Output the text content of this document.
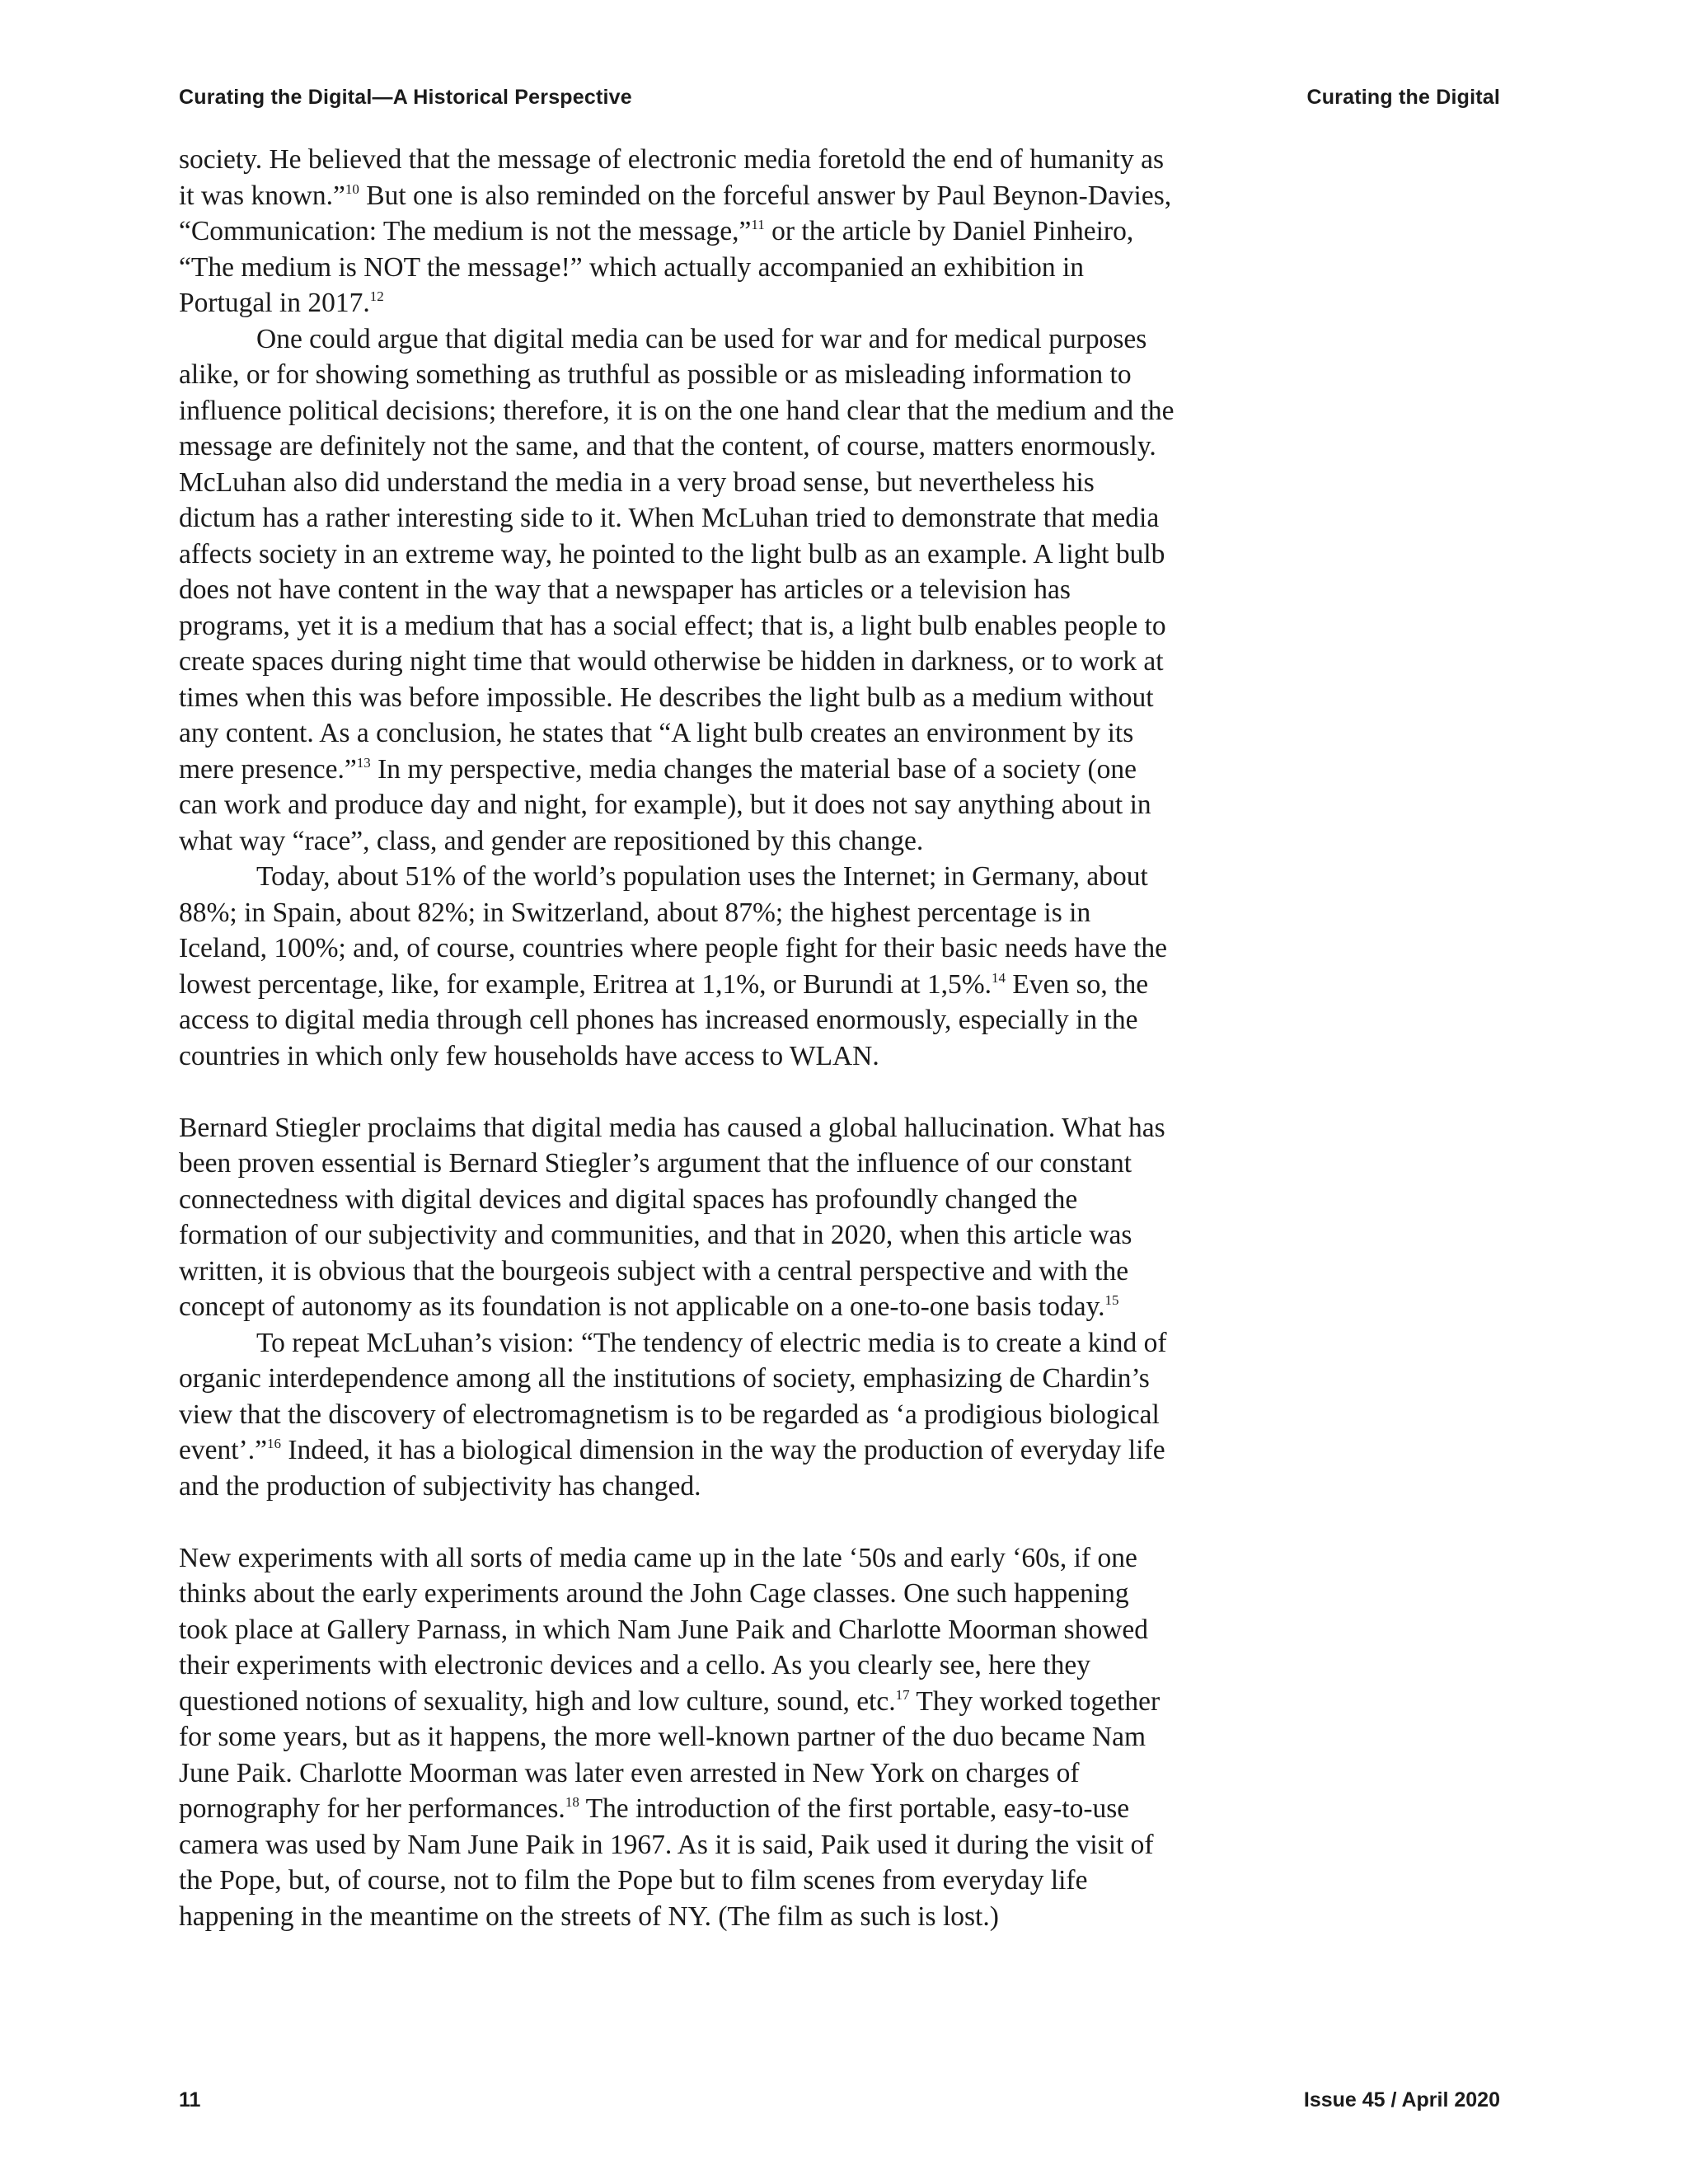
Curating the Digital—A Historical Perspective	Curating the Digital

society. He believed that the message of electronic media foretold the end of humanity as it was known.”$^{10}$ But one is also reminded on the forceful answer by Paul Beynon-Davies, “Communication: The medium is not the message,”$^{11}$ or the article by Daniel Pinheiro, “The medium is NOT the message!” which actually accompanied an exhibition in Portugal in 2017.12

One could argue that digital media can be used for war and for medical purposes alike, or for showing something as truthful as possible or as misleading information to influence political decisions; therefore, it is on the one hand clear that the medium and the message are definitely not the same, and that the content, of course, matters enormously. McLuhan also did understand the media in a very broad sense, but nevertheless his dictum has a rather interesting side to it. When McLuhan tried to demonstrate that media affects society in an extreme way, he pointed to the light bulb as an example. A light bulb does not have content in the way that a newspaper has articles or a television has programs, yet it is a medium that has a social effect; that is, a light bulb enables people to create spaces during night time that would otherwise be hidden in darkness, or to work at times when this was before impossible. He describes the light bulb as a medium without any content. As a conclusion, he states that “A light bulb creates an environment by its mere presence.”$^{13}$ In my perspective, media changes the material base of a society (one can work and produce day and night, for example), but it does not say anything about in what way “race”, class, and gender are repositioned by this change.

Today, about 51% of the world’s population uses the Internet; in Germany, about 88%; in Spain, about 82%; in Switzerland, about 87%; the highest percentage is in Iceland, 100%; and, of course, countries where people fight for their basic needs have the lowest percentage, like, for example, Eritrea at 1,1%, or Burundi at 1,5%.$^{14}$ Even so, the access to digital media through cell phones has increased enormously, especially in the countries in which only few households have access to WLAN.

Bernard Stiegler proclaims that digital media has caused a global hallucination. What has been proven essential is Bernard Stiegler’s argument that the influence of our constant connectedness with digital devices and digital spaces has profoundly changed the formation of our subjectivity and communities, and that in 2020, when this article was written, it is obvious that the bourgeois subject with a central perspective and with the concept of autonomy as its foundation is not applicable on a one-to-one basis today.$^{15}$

To repeat McLuhan’s vision: “The tendency of electric media is to create a kind of organic interdependence among all the institutions of society, emphasizing de Chardin’s view that the discovery of electromagnetism is to be regarded as ‘a prodigious biological event’.”$^{16}$ Indeed, it has a biological dimension in the way the production of everyday life and the production of subjectivity has changed.

New experiments with all sorts of media came up in the late ‘50s and early ‘60s, if one thinks about the early experiments around the John Cage classes. One such happening took place at Gallery Parnass, in which Nam June Paik and Charlotte Moorman showed their experiments with electronic devices and a cello. As you clearly see, here they questioned notions of sexuality, high and low culture, sound, etc.$^{17}$ They worked together for some years, but as it happens, the more well-known partner of the duo became Nam June Paik. Charlotte Moorman was later even arrested in New York on charges of pornography for her performances.$^{18}$ The introduction of the first portable, easy-to-use camera was used by Nam June Paik in 1967. As it is said, Paik used it during the visit of the Pope, but, of course, not to film the Pope but to film scenes from everyday life happening in the meantime on the streets of NY. (The film as such is lost.)

11	Issue 45 / April 2020
